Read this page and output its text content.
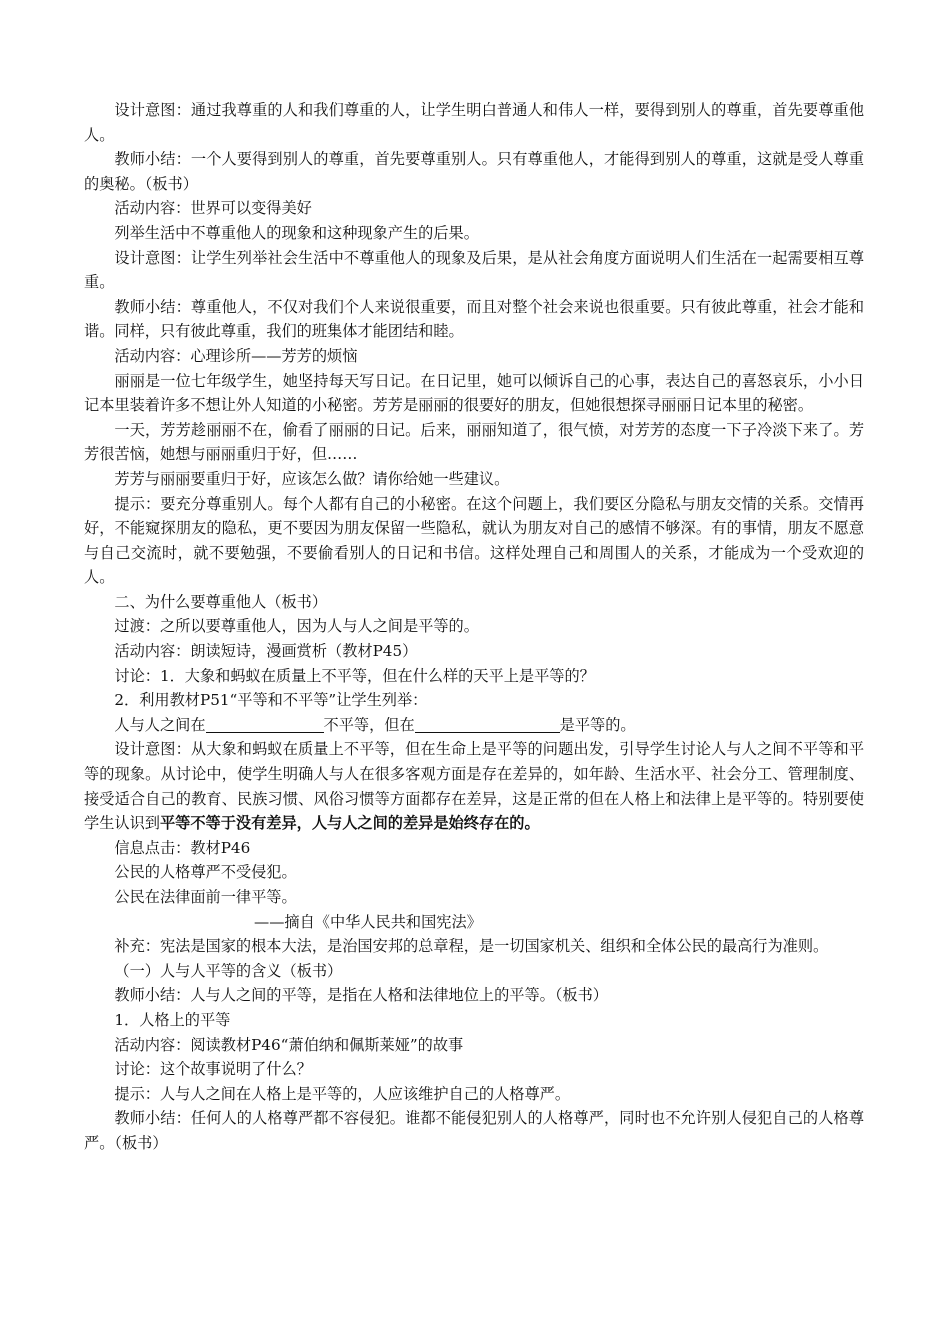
设计意图：通过我尊重的人和我们尊重的人，让学生明白普通人和伟人一样，要得到别人的尊重，首先要尊重他人。

教师小结：一个人要得到别人的尊重，首先要尊重别人。只有尊重他人，才能得到别人的尊重，这就是受人尊重的奥秘。（板书）

活动内容：世界可以变得美好

列举生活中不尊重他人的现象和这种现象产生的后果。

设计意图：让学生列举社会生活中不尊重他人的现象及后果，是从社会角度方面说明人们生活在一起需要相互尊重。

教师小结：尊重他人，不仅对我们个人来说很重要，而且对整个社会来说也很重要。只有彼此尊重，社会才能和谐。同样，只有彼此尊重，我们的班集体才能团结和睦。

活动内容：心理诊所——芳芳的烦恼

丽丽是一位七年级学生，她坚持每天写日记。在日记里，她可以倾诉自己的心事，表达自己的喜怒哀乐，小小日记本里装着许多不想让外人知道的小秘密。芳芳是丽丽的很要好的朋友，但她很想探寻丽丽日记本里的秘密。

一天，芳芳趁丽丽不在，偷看了丽丽的日记。后来，丽丽知道了，很气愤，对芳芳的态度一下子冷淡下来了。芳芳很苦恼，她想与丽丽重归于好，但……

芳芳与丽丽要重归于好，应该怎么做？请你给她一些建议。

提示：要充分尊重别人。每个人都有自己的小秘密。在这个问题上，我们要区分隐私与朋友交情的关系。交情再好，不能窥探朋友的隐私，更不要因为朋友保留一些隐私，就认为朋友对自己的感情不够深。有的事情，朋友不愿意与自己交流时，就不要勉强，不要偷看别人的日记和书信。这样处理自己和周围人的关系，才能成为一个受欢迎的人。

二、为什么要尊重他人（板书）

过渡：之所以要尊重他人，因为人与人之间是平等的。

活动内容：朗读短诗，漫画赏析（教材P45）

讨论：1．大象和蚂蚁在质量上不平等，但在什么样的天平上是平等的？

2．利用教材P51“平等和不平等”让学生列举：

人与人之间在	不平等，但在	是平等的。

设计意图：从大象和蚂蚁在质量上不平等，但在生命上是平等的问题出发，引导学生讨论人与人之间不平等和平等的现象。从讨论中，使学生明确人与人在很多客观方面是存在差异的，如年龄、生活水平、社会分工、管理制度、接受适合自己的教育、民族习惯、风俗习惯等方面都存在差异，这是正常的但在人格上和法律上是平等的。特别要使学生认识到平等不等于没有差异，人与人之间的差异是始终存在的。

信息点击：教材P46

公民的人格尊严不受侵犯。

公民在法律面前一律平等。

——摘自《中华人民共和国宪法》

补充：宪法是国家的根本大法，是治国安邦的总章程，是一切国家机关、组织和全体公民的最高行为准则。

（一）人与人平等的含义（板书）

教师小结：人与人之间的平等，是指在人格和法律地位上的平等。（板书）

1．人格上的平等

活动内容：阅读教材P46“萧伯纳和佩斯莱娅”的故事

讨论：这个故事说明了什么？

提示：人与人之间在人格上是平等的，人应该维护自己的人格尊严。

教师小结：任何人的人格尊严都不容侵犯。谁都不能侵犯别人的人格尊严，同时也不允许别人侵犯自己的人格尊严。（板书）
